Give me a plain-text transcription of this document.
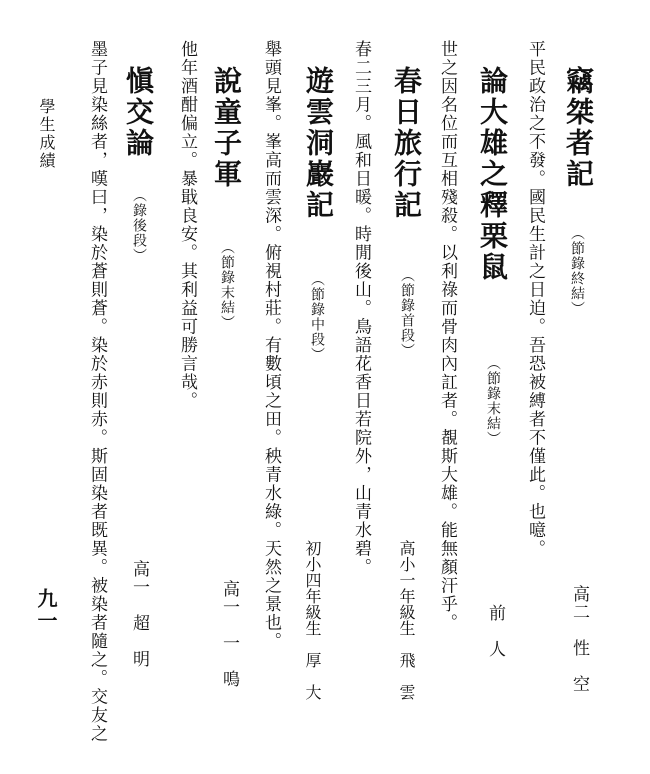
竊桀者記
（節錄終結）
高二　性　空
平民政治之不發。國民生計之日迫。吾恐被縛者不僅此。也噫。
論大雄之釋栗鼠
（節錄末結）
前　人
世之因名位而互相殘殺。以利祿而骨肉內訌者。覩斯大雄。能無顏汗乎。
春日旅行記
（節錄首段）
高小一年級生　飛　雲
春二三月。風和日暖。時閒後山。鳥語花香日若院外，山青水碧。
遊雲洞巖記
（節錄中段）
初小四年級生　厚　大
舉頭見峯。峯高而雲深。俯視村莊。有數頃之田。秧青水綠。天然之景也。
說童子軍
（節錄末結）
高一　一　鳴
他年酒酣偏立。暴戢良安。其利益可勝言哉。
愼交論
（錄後段）
高一　超　明
墨子見染絲者，嘆曰，染於蒼則蒼。染於赤則赤。斯固染者既異。被染者隨之。交友之
學生成績
九一
